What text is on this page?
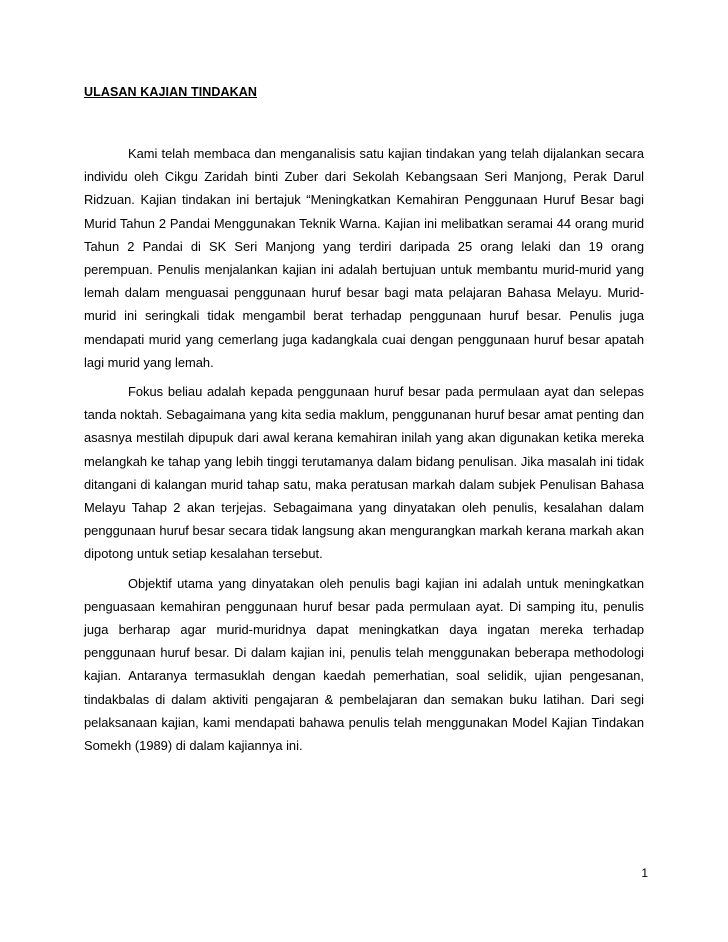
ULASAN KAJIAN TINDAKAN

Kami telah membaca dan menganalisis satu kajian tindakan yang telah dijalankan secara individu oleh Cikgu Zaridah binti Zuber dari Sekolah Kebangsaan Seri Manjong, Perak Darul Ridzuan. Kajian tindakan ini bertajuk “Meningkatkan Kemahiran Penggunaan Huruf Besar bagi Murid Tahun 2 Pandai Menggunakan Teknik Warna. Kajian ini melibatkan seramai 44 orang murid Tahun 2 Pandai di SK Seri Manjong yang terdiri daripada 25 orang lelaki dan 19 orang perempuan. Penulis menjalankan kajian ini adalah bertujuan untuk membantu murid-murid yang lemah dalam menguasai penggunaan huruf besar bagi mata pelajaran Bahasa Melayu. Murid-murid ini seringkali tidak mengambil berat terhadap penggunaan huruf besar. Penulis juga mendapati murid yang cemerlang juga kadangkala cuai dengan penggunaan huruf besar apatah lagi murid yang lemah.

Fokus beliau adalah kepada penggunaan huruf besar pada permulaan ayat dan selepas tanda noktah. Sebagaimana yang kita sedia maklum, penggunanan huruf besar amat penting dan asasnya mestilah dipupuk dari awal kerana kemahiran inilah yang akan digunakan ketika mereka melangkah ke tahap yang lebih tinggi terutamanya dalam bidang penulisan. Jika masalah ini tidak ditangani di kalangan murid tahap satu, maka peratusan markah dalam subjek Penulisan Bahasa Melayu Tahap 2 akan terjejas. Sebagaimana yang dinyatakan oleh penulis, kesalahan dalam penggunaan huruf besar secara tidak langsung akan mengurangkan markah kerana markah akan dipotong untuk setiap kesalahan tersebut.

Objektif utama yang dinyatakan oleh penulis bagi kajian ini adalah untuk meningkatkan penguasaan kemahiran penggunaan huruf besar pada permulaan ayat. Di samping itu, penulis juga berharap agar murid-muridnya dapat meningkatkan daya ingatan mereka terhadap penggunaan huruf besar. Di dalam kajian ini, penulis telah menggunakan beberapa methodologi kajian. Antaranya termasuklah dengan kaedah pemerhatian, soal selidik, ujian pengesanan, tindakbalas di dalam aktiviti pengajaran & pembelajaran dan semakan buku latihan. Dari segi pelaksanaan kajian, kami mendapati bahawa penulis telah menggunakan Model Kajian Tindakan Somekh (1989) di dalam kajiannya ini.

1
